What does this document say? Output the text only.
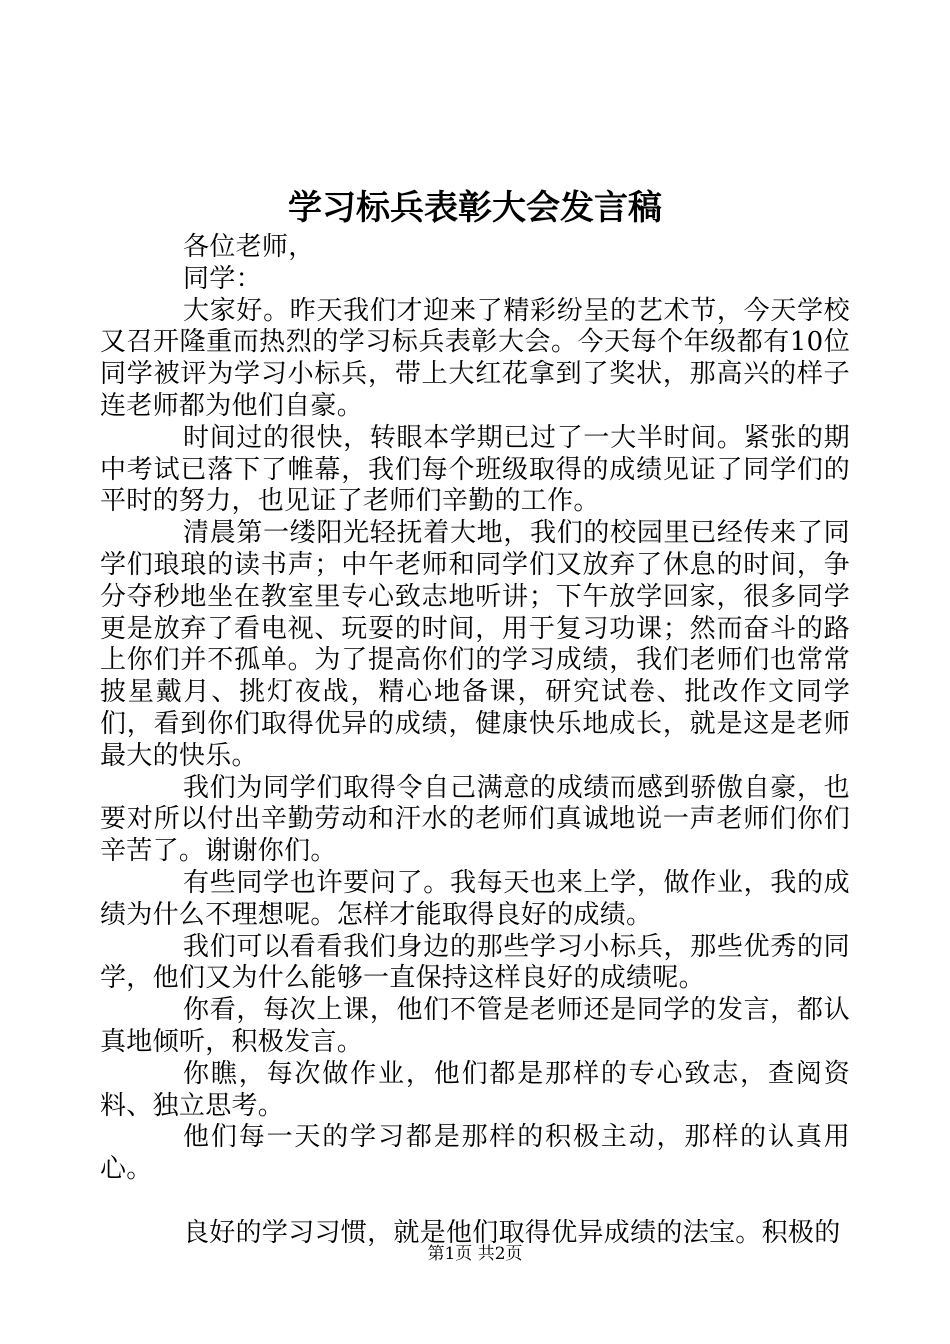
学习标兵表彰大会发言稿

各位老师，

同学：

大家好。昨天我们才迎来了精彩纷呈的艺术节，今天学校又召开隆重而热烈的学习标兵表彰大会。今天每个年级都有10位同学被评为学习小标兵，带上大红花拿到了奖状，那高兴的样子连老师都为他们自豪。

时间过的很快，转眼本学期已过了一大半时间。紧张的期中考试已落下了帷幕，我们每个班级取得的成绩见证了同学们的平时的努力，也见证了老师们辛勤的工作。

清晨第一缕阳光轻抚着大地，我们的校园里已经传来了同学们琅琅的读书声；中午老师和同学们又放弃了休息的时间，争分夺秒地坐在教室里专心致志地听讲；下午放学回家，很多同学更是放弃了看电视、玩耍的时间，用于复习功课；然而奋斗的路上你们并不孤单。为了提高你们的学习成绩，我们老师们也常常披星戴月、挑灯夜战，精心地备课，研究试卷、批改作文同学们，看到你们取得优异的成绩，健康快乐地成长，就是这是老师最大的快乐。

我们为同学们取得令自己满意的成绩而感到骄傲自豪，也要对所以付出辛勤劳动和汗水的老师们真诚地说一声老师们你们辛苦了。谢谢你们。

有些同学也许要问了。我每天也来上学，做作业，我的成绩为什么不理想呢。怎样才能取得良好的成绩。

我们可以看看我们身边的那些学习小标兵，那些优秀的同学，他们又为什么能够一直保持这样良好的成绩呢。

你看，每次上课，他们不管是老师还是同学的发言，都认真地倾听，积极发言。

你瞧，每次做作业，他们都是那样的专心致志，查阅资料、独立思考。

他们每一天的学习都是那样的积极主动，那样的认真用心。

良好的学习习惯，就是他们取得优异成绩的法宝。积极的

第1页 共2页
